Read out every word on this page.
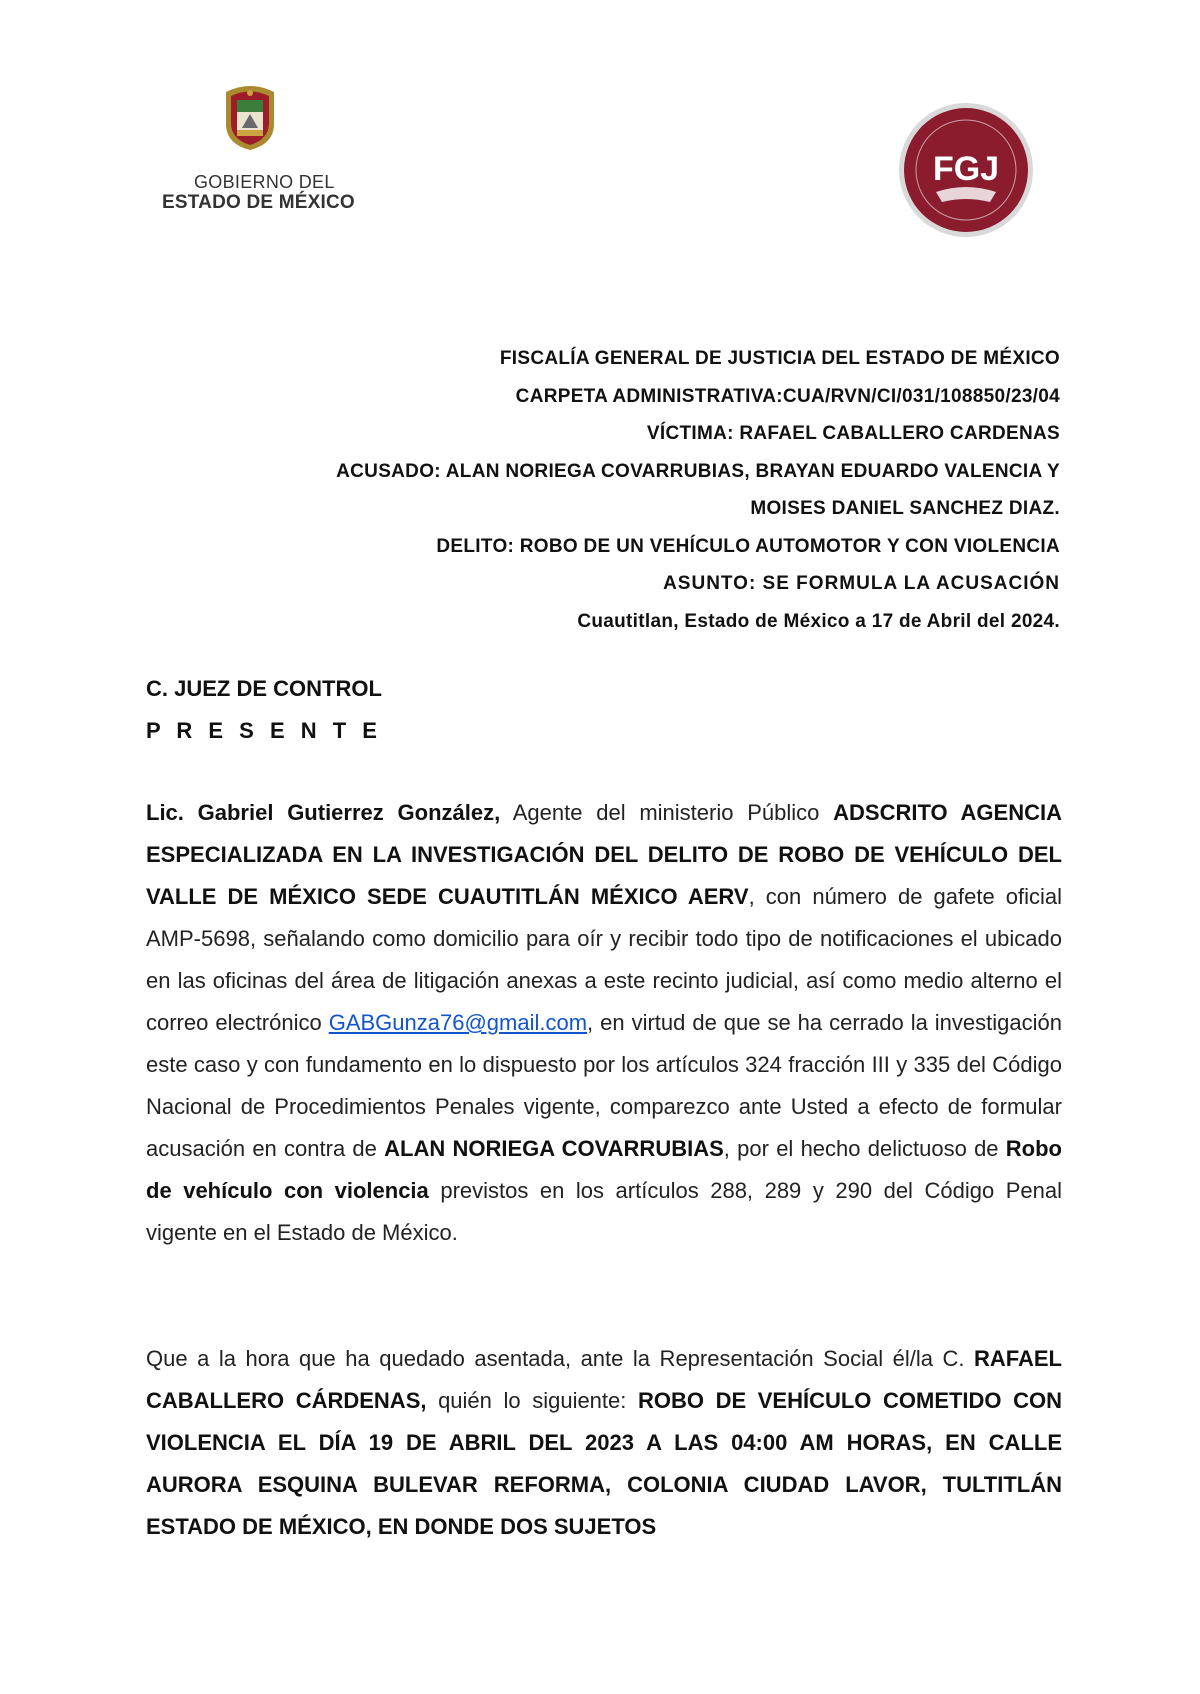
GOBIERNO DEL
ESTADO DE MÉXICO
FGJ
FISCALÍA GENERAL DE JUSTICIA DEL ESTADO DE MÉXICO
CARPETA ADMINISTRATIVA:CUA/RVN/CI/031/108850/23/04
VÍCTIMA: RAFAEL CABALLERO CARDENAS
ACUSADO: ALAN NORIEGA COVARRUBIAS, BRAYAN EDUARDO VALENCIA Y
MOISES DANIEL SANCHEZ DIAZ.
DELITO: ROBO DE UN VEHÍCULO AUTOMOTOR Y CON VIOLENCIA
ASUNTO: SE FORMULA LA ACUSACIÓN
Cuautitlan, Estado de México a 17 de Abril del 2024.
C. JUEZ DE CONTROL
P R E S E N T E
Lic. Gabriel Gutierrez González, Agente del ministerio Público ADSCRITO AGENCIA ESPECIALIZADA EN LA INVESTIGACIÓN DEL DELITO DE ROBO DE VEHÍCULO DEL VALLE DE MÉXICO SEDE CUAUTITLÁN MÉXICO AERV, con número de gafete oficial AMP-5698, señalando como domicilio para oír y recibir todo tipo de notificaciones el ubicado en las oficinas del área de litigación anexas a este recinto judicial, así como medio alterno el correo electrónico GABGunza76@gmail.com, en virtud de que se ha cerrado la investigación este caso y con fundamento en lo dispuesto por los artículos 324 fracción III y 335 del Código Nacional de Procedimientos Penales vigente, comparezco ante Usted a efecto de formular acusación en contra de ALAN NORIEGA COVARRUBIAS, por el hecho delictuoso de Robo de vehículo con violencia previstos en los artículos 288, 289 y 290 del Código Penal vigente en el Estado de México.
Que a la hora que ha quedado asentada, ante la Representación Social él/la C. RAFAEL CABALLERO CÁRDENAS, quién lo siguiente: ROBO DE VEHÍCULO COMETIDO CON VIOLENCIA EL DÍA 19 DE ABRIL DEL 2023 A LAS 04:00 AM HORAS, EN CALLE AURORA ESQUINA BULEVAR REFORMA, COLONIA CIUDAD LAVOR, TULTITLÁN ESTADO DE MÉXICO, EN DONDE DOS SUJETOS
